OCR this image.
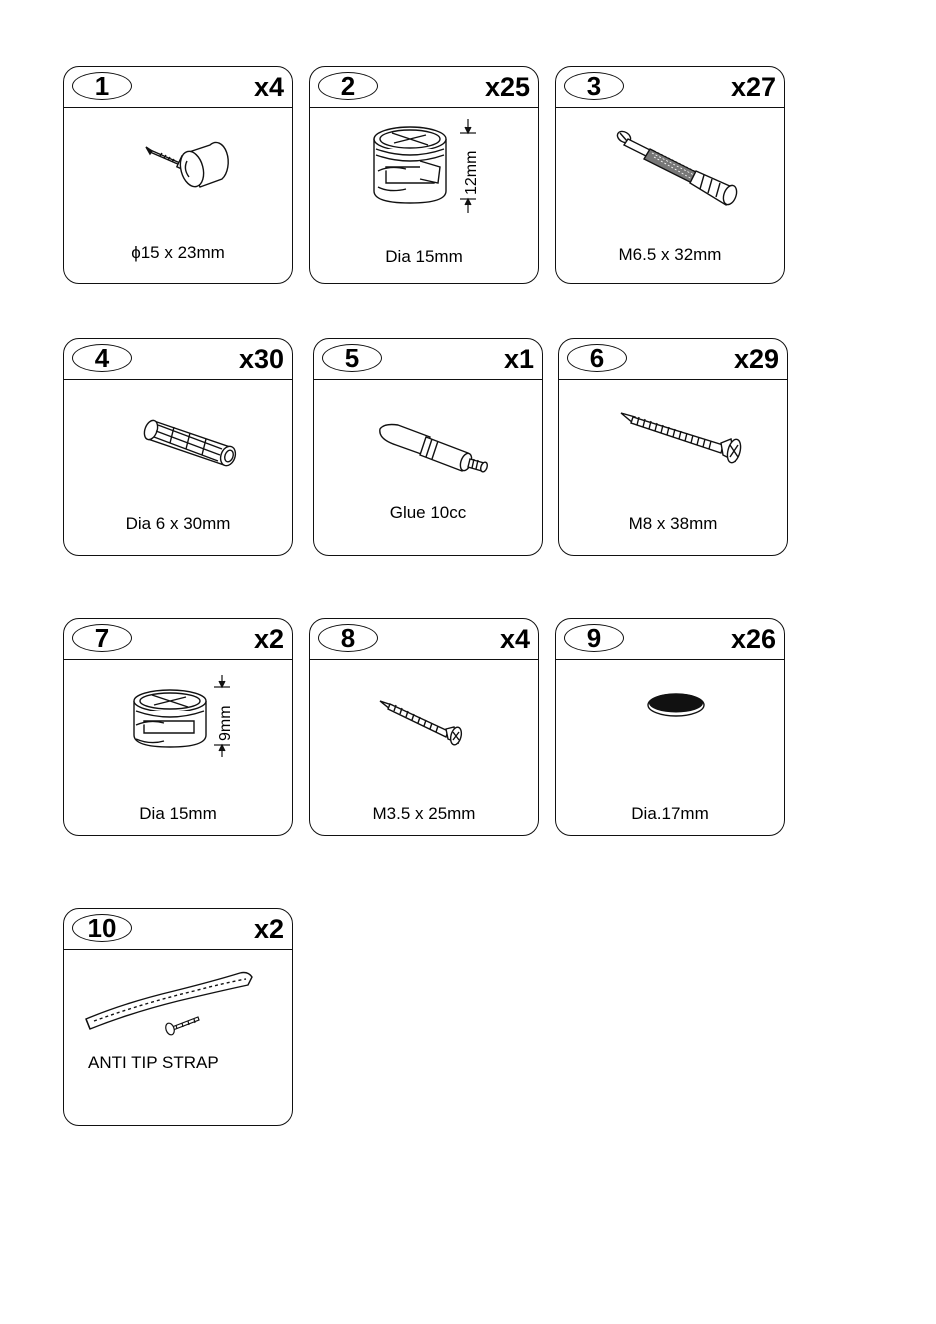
1	x4
ϕ15 x 23mm
2	x25
12mm
Dia 15mm
3	x27
M6.5 x 32mm
4	x30
Dia 6 x 30mm
5	x1
Glue 10cc
6	x29
M8 x 38mm
7	x2
9mm
Dia 15mm
8	x4
M3.5 x 25mm
9	x26
Dia.17mm
10	x2
ANTI TIP STRAP
